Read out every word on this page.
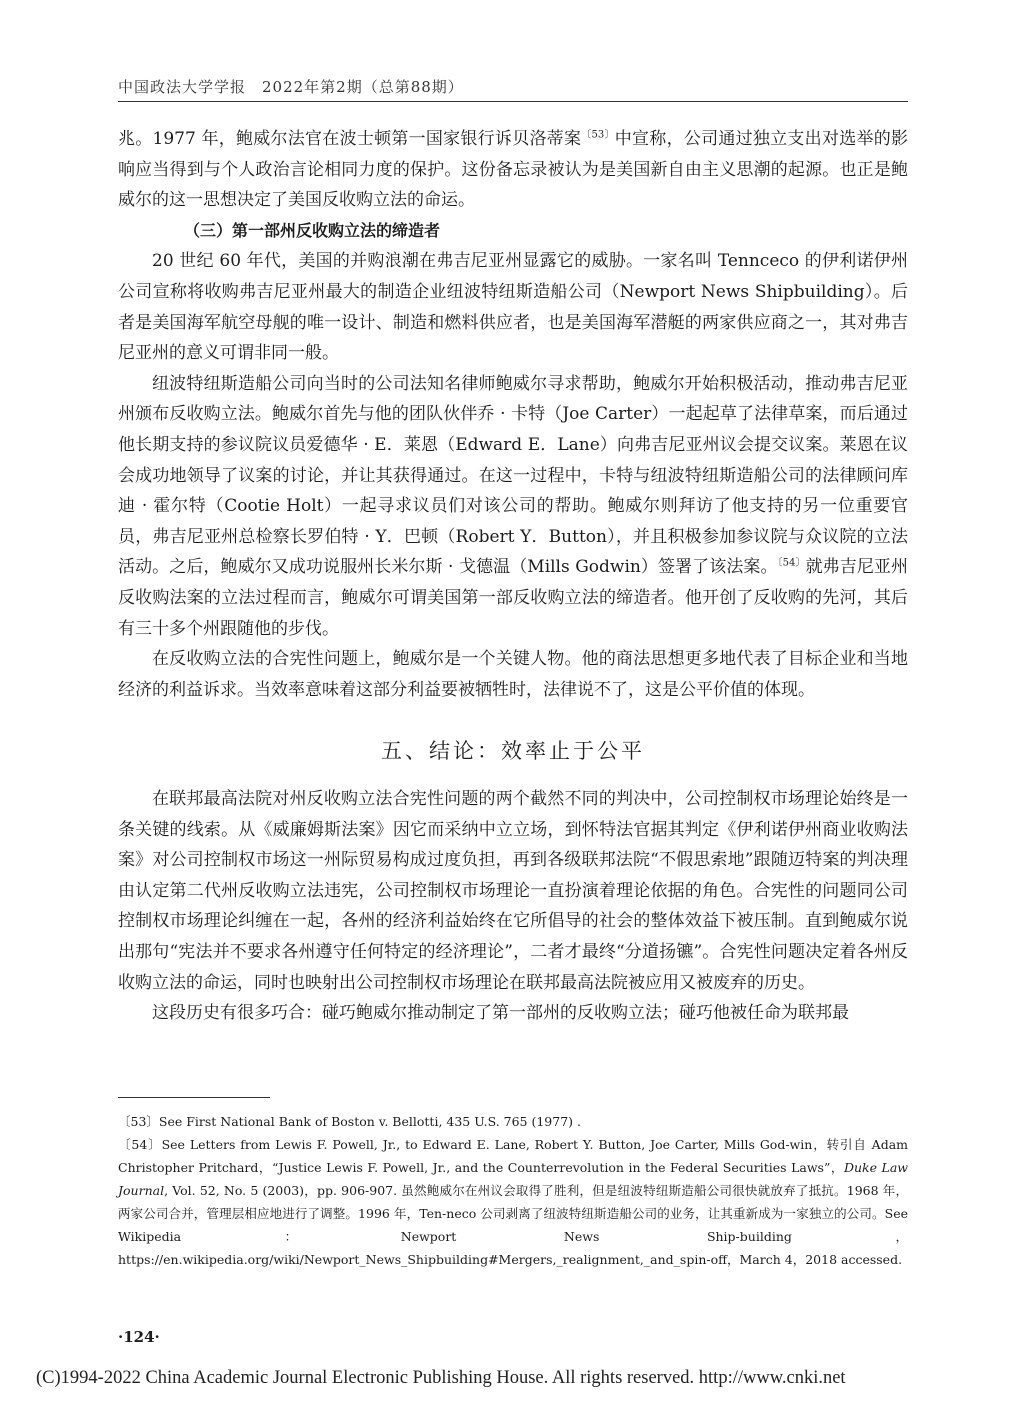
中国政法大学学报　2022年第2期（总第88期）

兆。1977 年，鲍威尔法官在波士顿第一国家银行诉贝洛蒂案$^{〔53〕}$中宣称，公司通过独立支出对选举的影响应当得到与个人政治言论相同力度的保护。这份备忘录被认为是美国新自由主义思潮的起源。也正是鲍威尔的这一思想决定了美国反收购立法的命运。

（三）第一部州反收购立法的缔造者

20 世纪 60 年代，美国的并购浪潮在弗吉尼亚州显露它的威胁。一家名叫 Tennceco 的伊利诺伊州公司宣称将收购弗吉尼亚州最大的制造企业纽波特纽斯造船公司（Newport News Shipbuilding）。后者是美国海军航空母舰的唯一设计、制造和燃料供应者，也是美国海军潜艇的两家供应商之一，其对弗吉尼亚州的意义可谓非同一般。

纽波特纽斯造船公司向当时的公司法知名律师鲍威尔寻求帮助，鲍威尔开始积极活动，推动弗吉尼亚州颁布反收购立法。鲍威尔首先与他的团队伙伴乔 · 卡特（Joe Carter）一起起草了法律草案，而后通过他长期支持的参议院议员爱德华 · E．莱恩（Edward E．Lane）向弗吉尼亚州议会提交议案。莱恩在议会成功地领导了议案的讨论，并让其获得通过。在这一过程中，卡特与纽波特纽斯造船公司的法律顾问库迪 · 霍尔特（Cootie Holt）一起寻求议员们对该公司的帮助。鲍威尔则拜访了他支持的另一位重要官员，弗吉尼亚州总检察长罗伯特 · Y．巴顿（Robert Y．Button），并且积极参加参议院与众议院的立法活动。之后，鲍威尔又成功说服州长米尔斯 · 戈德温（Mills Godwin）签署了该法案。$^{〔54〕}$就弗吉尼亚州反收购法案的立法过程而言，鲍威尔可谓美国第一部反收购立法的缔造者。他开创了反收购的先河，其后有三十多个州跟随他的步伐。

在反收购立法的合宪性问题上，鲍威尔是一个关键人物。他的商法思想更多地代表了目标企业和当地经济的利益诉求。当效率意味着这部分利益要被牺牲时，法律说不了，这是公平价值的体现。

五、结论：效率止于公平

在联邦最高法院对州反收购立法合宪性问题的两个截然不同的判决中，公司控制权市场理论始终是一条关键的线索。从《威廉姆斯法案》因它而采纳中立立场，到怀特法官据其判定《伊利诺伊州商业收购法案》对公司控制权市场这一州际贸易构成过度负担，再到各级联邦法院“不假思索地”跟随迈特案的判决理由认定第二代州反收购立法违宪，公司控制权市场理论一直扮演着理论依据的角色。合宪性的问题同公司控制权市场理论纠缠在一起，各州的经济利益始终在它所倡导的社会的整体效益下被压制。直到鲍威尔说出那句“宪法并不要求各州遵守任何特定的经济理论”，二者才最终“分道扬镳”。合宪性问题决定着各州反收购立法的命运，同时也映射出公司控制权市场理论在联邦最高法院被应用又被废弃的历史。

这段历史有很多巧合：碰巧鲍威尔推动制定了第一部州的反收购立法；碰巧他被任命为联邦最

〔53〕See First National Bank of Boston v. Bellotti, 435 U.S. 765 (1977) .

〔54〕See Letters from Lewis F. Powell, Jr., to Edward E. Lane, Robert Y. Button, Joe Carter, Mills God-win，转引自 Adam Christopher Pritchard，“Justice Lewis F. Powell, Jr., and the Counterrevolution in the Federal Securities Laws”，Duke Law Journal, Vol. 52, No. 5 (2003)，pp. 906-907. 虽然鲍威尔在州议会取得了胜利，但是纽波特纽斯造船公司很快就放弃了抵抗。1968 年，两家公司合并，管理层相应地进行了调整。1996 年，Ten-neco 公司剥离了纽波特纽斯造船公司的业务，让其重新成为一家独立的公司。See Wikipedia：Newport News Ship-building，https://en.wikipedia.org/wiki/Newport_News_Shipbuilding#Mergers,_realignment,_and_spin-off，March 4，2018 accessed.

·124·
(C)1994-2022 China Academic Journal Electronic Publishing House. All rights reserved. http://www.cnki.net
